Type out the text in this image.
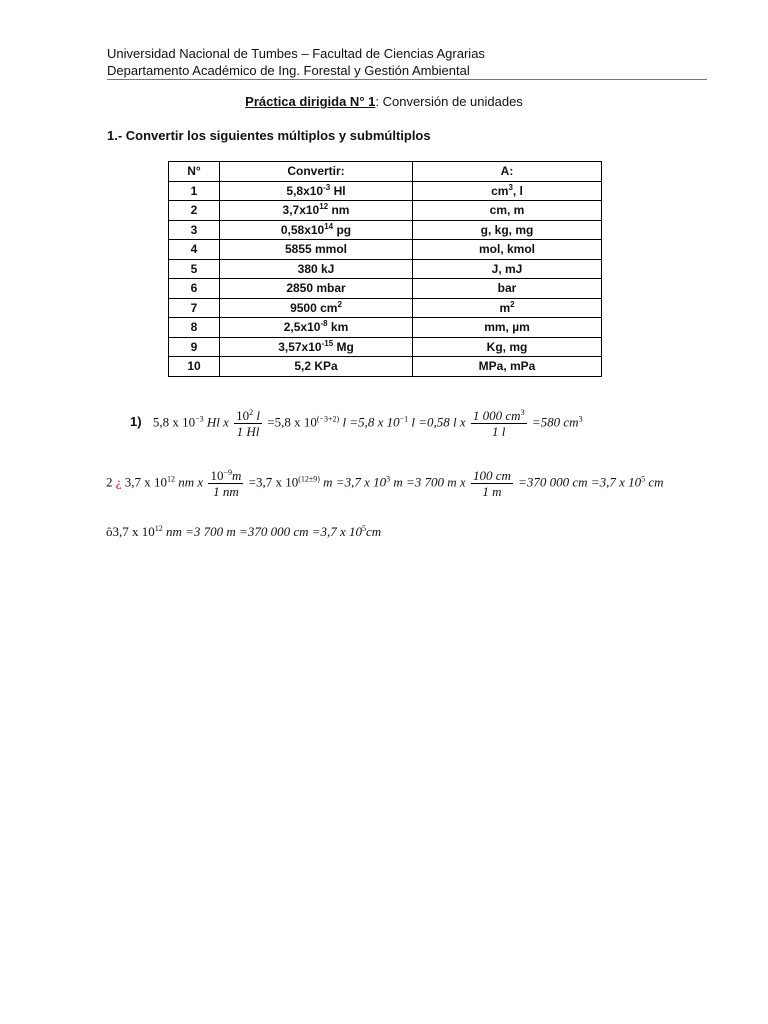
Universidad Nacional de Tumbes – Facultad de Ciencias Agrarias
Departamento Académico de Ing. Forestal y Gestión Ambiental
Práctica dirigida N° 1: Conversión de unidades
1.- Convertir los siguientes múltiplos y submúltiplos
N°	Convertir:	A:
1	$5,8x10^{-3}$ Hl	$cm^3$, l
2	$3,7x10^{12}$ nm	cm, m
3	$0,58x10^{14}$ pg	g, kg, mg
4	5855 mmol	mol, kmol
5	380 kJ	J, mJ
6	2850 mbar	bar
7	9500 $cm^2$	$m^2$
8	$2,5x10^{-8}$ km	mm, µm
9	$3,57x10^{-15}$ Mg	Kg, mg
10	5,2 KPa	MPa, mPa
1) 5,8 x $10^{-3}$ Hl x $\frac{10^2 l}{1 Hl} =5,8$ x $10^{(-3+2)}$ l =5,8 x $10^{-1}$ l =0,58 l x $\frac{1 000 cm^3}{1 l} =580$ $cm^3$
2 ¿ 3,7 x $10^{12}$ nm x $\frac{10^{-9}m}{1 nm} =3,7$ x $10^{(12\pm 9)}$ m =3,7 x $10^3$ m =3 700 m x $\frac{100 cm}{1 m} =370$ 000 cm =3,7 x $10^5$ cm
ô3,7 x $10^{12}$ nm =3 700 m =370 000 cm =3,7 x $10^5cm$
